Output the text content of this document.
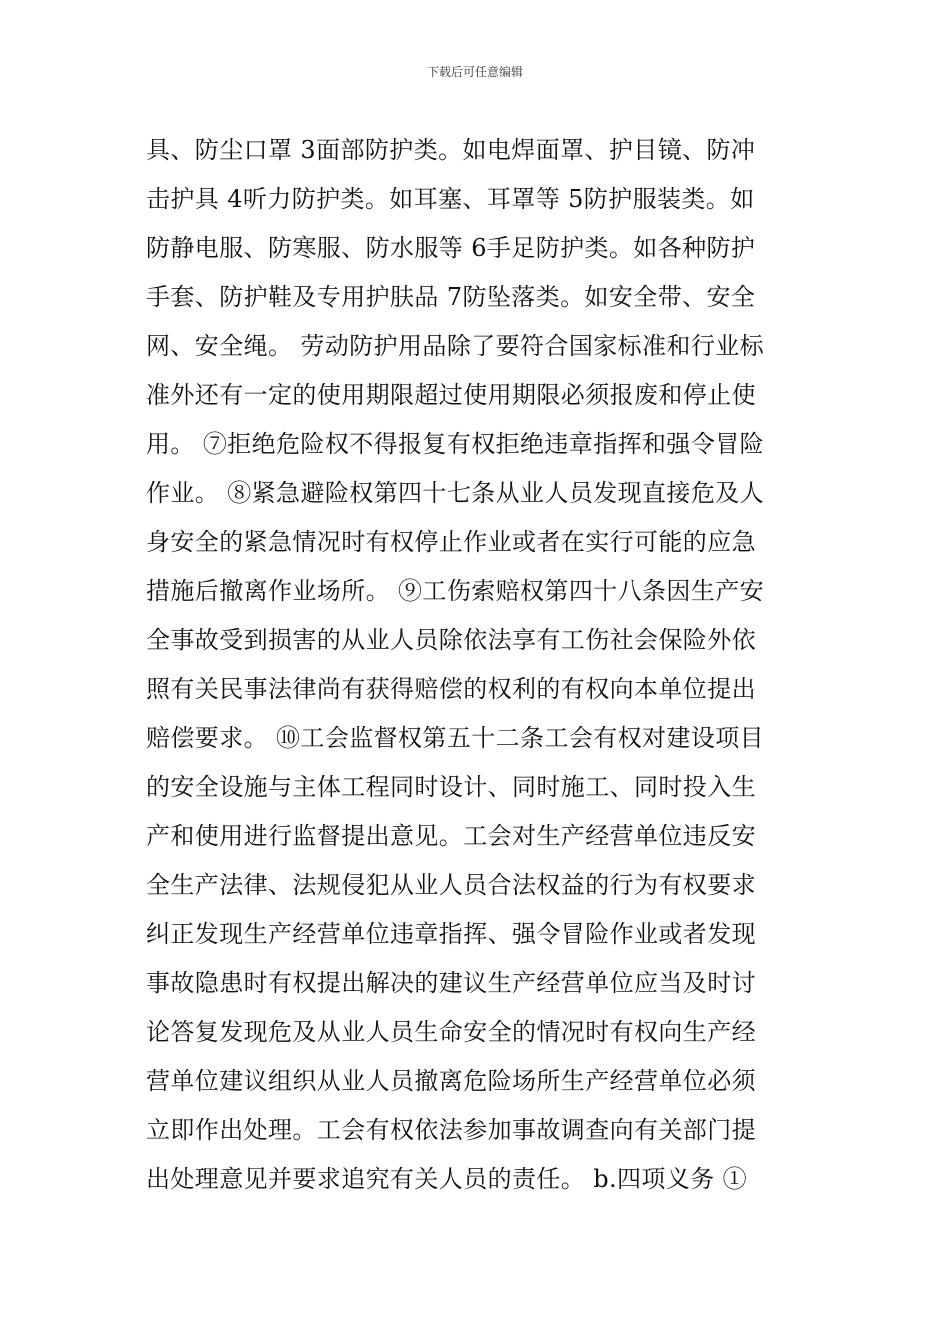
下载后可任意编辑
具、防尘口罩 3面部防护类。如电焊面罩、护目镜、防冲
击护具 4听力防护类。如耳塞、耳罩等 5防护服装类。如
防静电服、防寒服、防水服等 6手足防护类。如各种防护
手套、防护鞋及专用护肤品 7防坠落类。如安全带、安全
网、安全绳。 劳动防护用品除了要符合国家标准和行业标
准外还有一定的使用期限超过使用期限必须报废和停止使
用。 ⑦拒绝危险权不得报复有权拒绝违章指挥和强令冒险
作业。 ⑧紧急避险权第四十七条从业人员发现直接危及人
身安全的紧急情况时有权停止作业或者在实行可能的应急
措施后撤离作业场所。 ⑨工伤索赔权第四十八条因生产安
全事故受到损害的从业人员除依法享有工伤社会保险外依
照有关民事法律尚有获得赔偿的权利的有权向本单位提出
赔偿要求。 ⑩工会监督权第五十二条工会有权对建设项目
的安全设施与主体工程同时设计、同时施工、同时投入生
产和使用进行监督提出意见。工会对生产经营单位违反安
全生产法律、法规侵犯从业人员合法权益的行为有权要求
纠正发现生产经营单位违章指挥、强令冒险作业或者发现
事故隐患时有权提出解决的建议生产经营单位应当及时讨
论答复发现危及从业人员生命安全的情况时有权向生产经
营单位建议组织从业人员撤离危险场所生产经营单位必须
立即作出处理。工会有权依法参加事故调查向有关部门提
出处理意见并要求追究有关人员的责任。 b.四项义务 ①
